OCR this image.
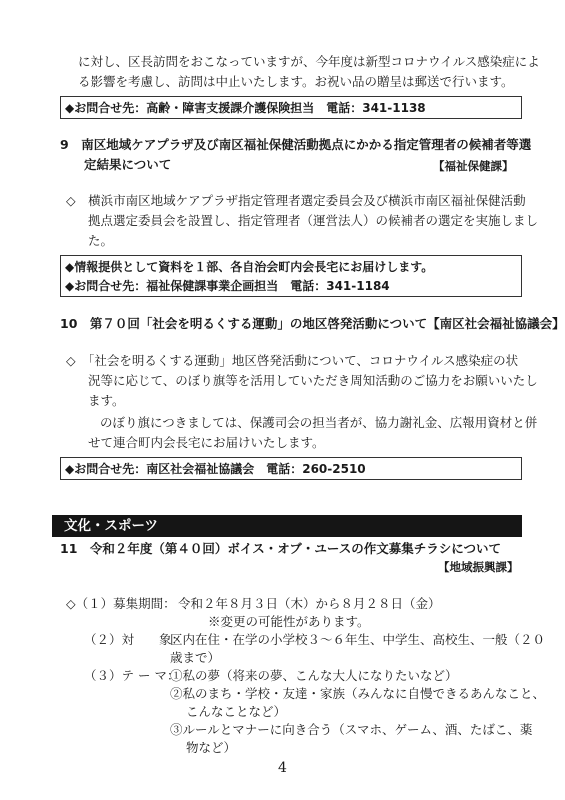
に対し、区長訪問をおこなっていますが、今年度は新型コロナウイルス感染症によ
る影響を考慮し、訪問は中止いたします。お祝い品の贈呈は郵送で行います。
◆お問合せ先：高齢・障害支援課介護保険担当　電話：341-1138
9　南区地域ケアプラザ及び南区福祉保健活動拠点にかかる指定管理者の候補者等選
定結果について	【福祉保健課】
◇　横浜市南区地域ケアプラザ指定管理者選定委員会及び横浜市南区福祉保健活動
拠点選定委員会を設置し、指定管理者（運営法人）の候補者の選定を実施しまし
た。
◆情報提供として資料を１部、各自治会町内会長宅にお届けします。
◆お問合せ先：福祉保健課事業企画担当　電話：341-1184
10　第７０回「社会を明るくする運動」の地区啓発活動について【南区社会福祉協議会】
◇　「社会を明るくする運動」地区啓発活動について、コロナウイルス感染症の状
況等に応じて、のぼり旗等を活用していただき周知活動のご協力をお願いいたし
ます。
のぼり旗につきましては、保護司会の担当者が、協力謝礼金、広報用資材と併
せて連合町内会長宅にお届けいたします。
◆お問合せ先：南区社会福祉協議会　電話：260-2510
文化・スポーツ
11　令和２年度（第４０回）ボイス・オブ・ユースの作文募集チラシについて
【地域振興課】
◇（１）募集期間： 令和２年８月３日（木）から８月２８日（金）
※変更の可能性があります。
（２）対　　象：
区内在住・在学の小学校３～６年生、中学生、高校生、一般（２０
歳まで）
（３）テ ー マ：
①私の夢（将来の夢、こんな大人になりたいなど）
②私のまち・学校・友達・家族（みんなに自慢できるあんなこと、
こんなことなど）
③ルールとマナーに向き合う（スマホ、ゲーム、酒、たばこ、薬
物など）
4
